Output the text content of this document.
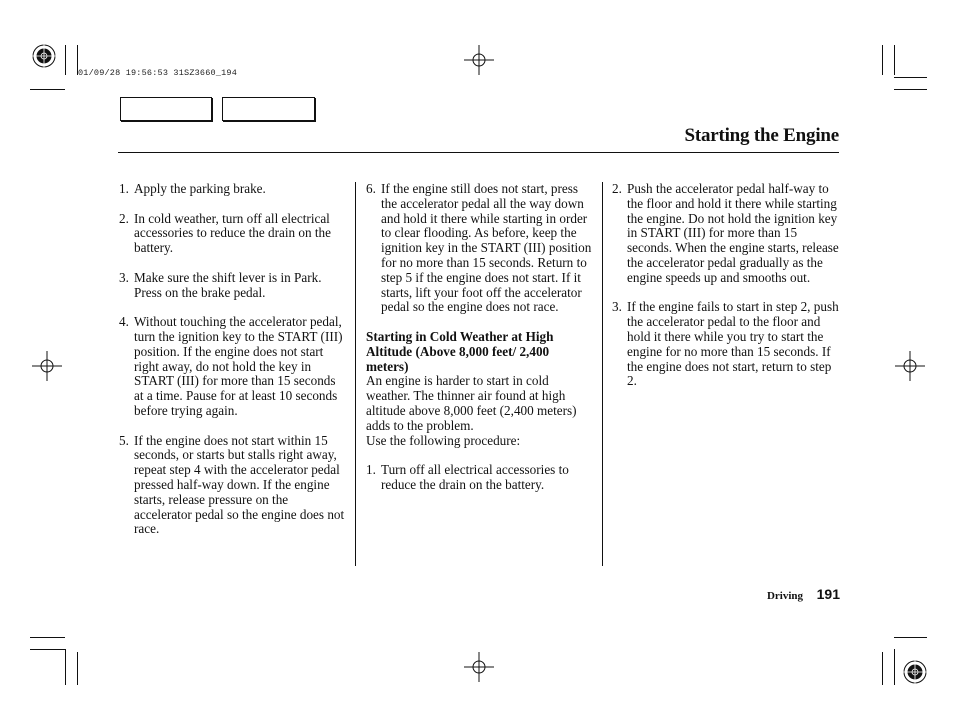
01/09/28 19:56:53 31SZ3660_194
Starting the Engine
1. Apply the parking brake.
2. In cold weather, turn off all electrical accessories to reduce the drain on the battery.
3. Make sure the shift lever is in Park. Press on the brake pedal.
4. Without touching the accelerator pedal, turn the ignition key to the START (III) position. If the engine does not start right away, do not hold the key in START (III) for more than 15 seconds at a time. Pause for at least 10 seconds before trying again.
5. If the engine does not start within 15 seconds, or starts but stalls right away, repeat step 4 with the accelerator pedal pressed half-way down. If the engine starts, release pressure on the accelerator pedal so the engine does not race.
6. If the engine still does not start, press the accelerator pedal all the way down and hold it there while starting in order to clear flooding. As before, keep the ignition key in the START (III) position for no more than 15 seconds. Return to step 5 if the engine does not start. If it starts, lift your foot off the accelerator pedal so the engine does not race.

Starting in Cold Weather at High Altitude (Above 8,000 feet/ 2,400 meters)

An engine is harder to start in cold weather. The thinner air found at high altitude above 8,000 feet (2,400 meters) adds to the problem.

Use the following procedure:

1. Turn off all electrical accessories to reduce the drain on the battery.
2. Push the accelerator pedal half-way to the floor and hold it there while starting the engine. Do not hold the ignition key in START (III) for more than 15 seconds. When the engine starts, release the accelerator pedal gradually as the engine speeds up and smooths out.
3. If the engine fails to start in step 2, push the accelerator pedal to the floor and hold it there while you try to start the engine for no more than 15 seconds. If the engine does not start, return to step 2.
Driving 191
